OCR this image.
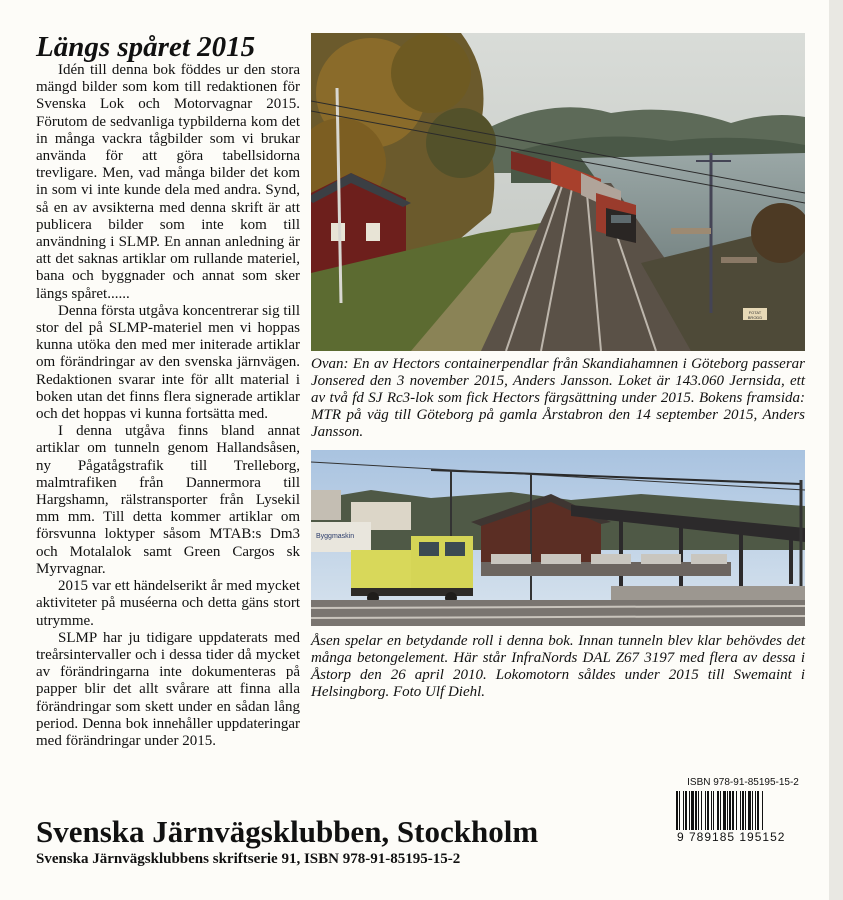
Längs spåret 2015

Idén till denna bok föddes ur den stora mängd bilder som kom till redaktionen för Svenska Lok och Motorvagnar 2015. Förutom de sedvanliga typbilderna kom det in många vackra tågbilder som vi brukar använda för att göra tabellsidorna trevligare. Men, vad många bilder det kom in som vi inte kunde dela med andra. Synd, så en av avsikterna med denna skrift är att publicera bilder som inte kom till användning i SLMP. En annan anledning är att det saknas artiklar om rullande materiel, bana och byggnader och annat som sker längs spåret......

Denna första utgåva koncentrerar sig till stor del på SLMP-materiel men vi hoppas kunna utöka den med mer initerade artiklar om förändringar av den svenska järnvägen. Redaktionen svarar inte för allt material i boken utan det finns flera signerade artiklar och det hoppas vi kunna fortsätta med.

I denna utgåva finns bland annat artiklar om tunneln genom Hallandsåsen, ny Pågatågstrafik till Trelleborg, malmtrafiken från Dannermora till Hargshamn, rälstransporter från Lysekil mm mm. Till detta kommer artiklar om försvunna loktyper såsom MTAB:s Dm3 och Motalalok samt Green Cargos sk Myrvagnar.

2015 var ett händelserikt år med mycket aktiviteter på muséerna och detta gäns stort utrymme.

SLMP har ju tidigare uppdaterats med treårsintervaller och i dessa tider då mycket av förändringarna inte dokumenteras på papper blir det allt svårare att finna alla förändringar som skett under en sådan lång period. Denna bok innehåller uppdateringar med förändringar under 2015.

FOTAT BRODD
Ovan: En av Hectors containerpendlar från Skandiahamnen i Göteborg passerar Jonsered den 3 november 2015, Anders Jansson. Loket är 143.060 Jernsida, ett av två fd SJ Rc3-lok som fick Hectors färgsättning under 2015. Bokens framsida: MTR på väg till Göteborg på gamla Årstabron den 14 september 2015, Anders Jansson.
Byggmaskin
Åsen spelar en betydande roll i denna bok. Innan tunneln blev klar behövdes det många betongelement. Här står InfraNords DAL Z67 3197 med flera av dessa i Åstorp den 26 april 2010. Lokomotorn såldes under 2015 till Swemaint i Helsingborg. Foto Ulf Diehl.
ISBN 978-91-85195-15-2
9 789185 195152
Svenska Järnvägsklubben, Stockholm
Svenska Järnvägsklubbens skriftserie 91, ISBN 978-91-85195-15-2
